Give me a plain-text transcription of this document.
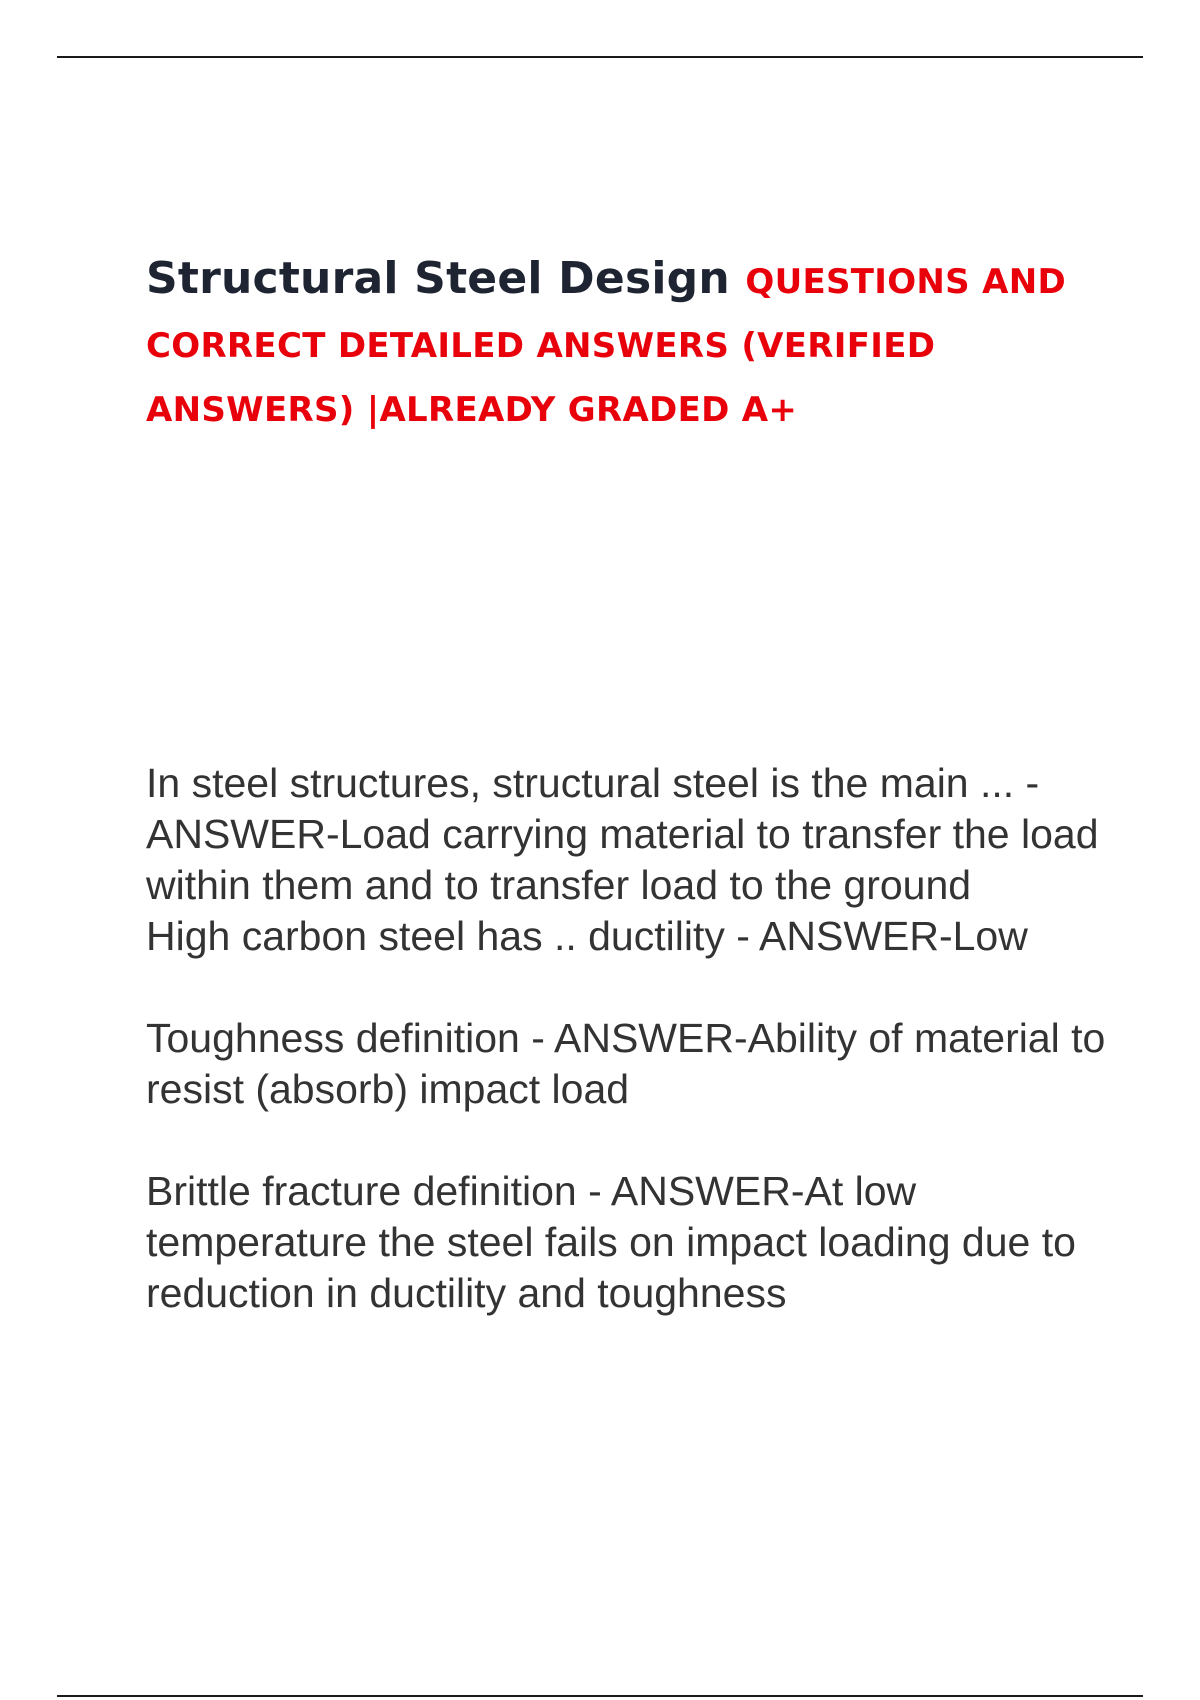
Structural Steel Design QUESTIONS AND CORRECT DETAILED ANSWERS (VERIFIED ANSWERS) |ALREADY GRADED A+

In steel structures, structural steel is the main ... - ANSWER-Load carrying material to transfer the load within them and to transfer load to the ground

High carbon steel has .. ductility - ANSWER-Low

Toughness definition - ANSWER-Ability of material to resist (absorb) impact load

Brittle fracture definition - ANSWER-At low temperature the steel fails on impact loading due to reduction in ductility and toughness
